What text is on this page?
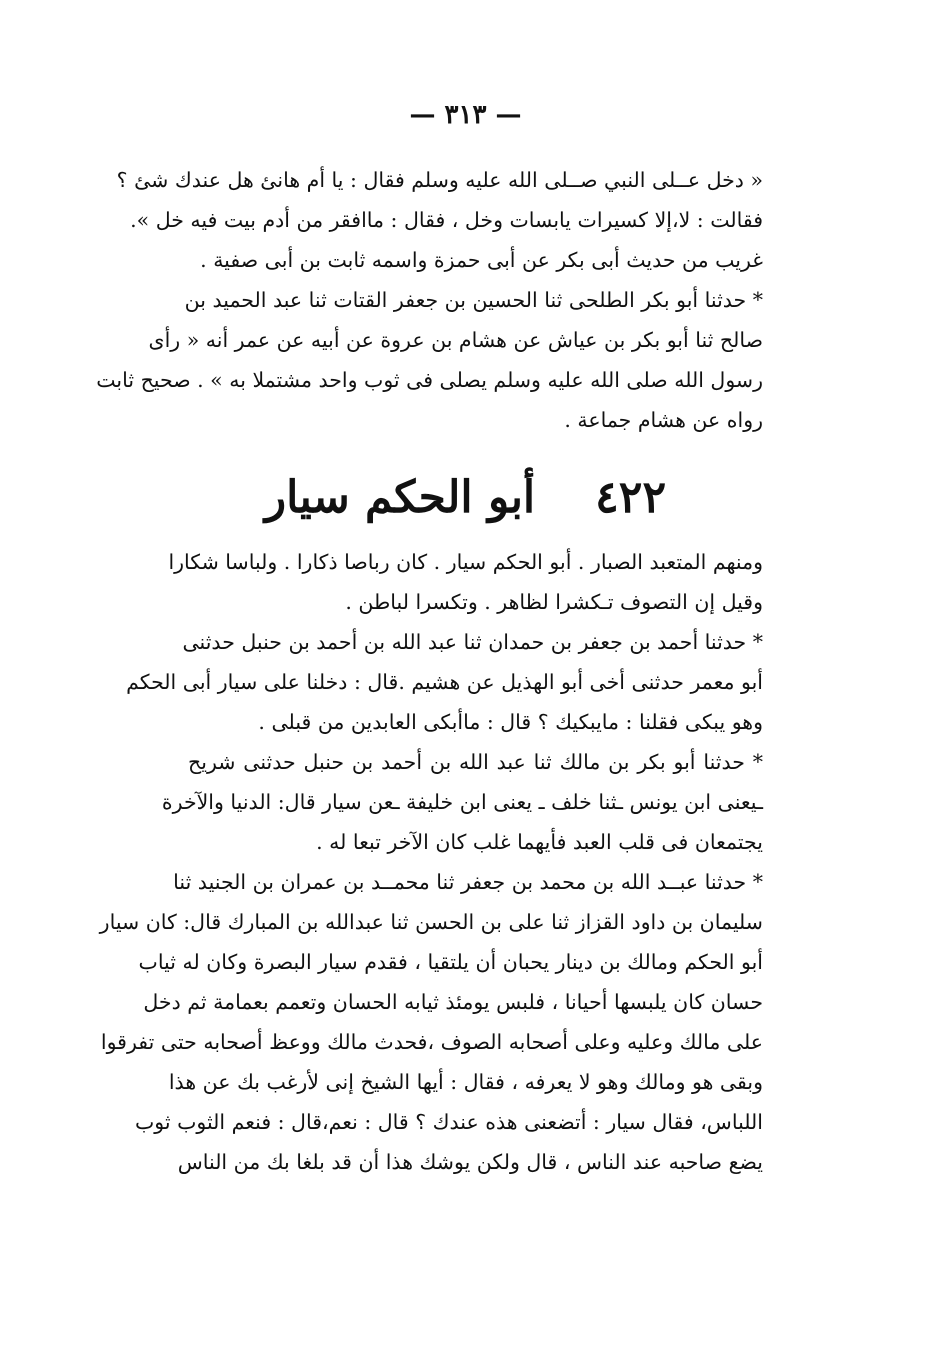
— ٣١٣ —
« دخل عــلى النبي صــلى الله عليه وسلم فقال : يا أم هانئ هل عندك شئ ؟
فقالت : لا،إلا كسيرات يابسات وخل ، فقال : ماافقر من أدم بيت فيه خل ».
غريب من حديث أبى بكر عن أبى حمزة واسمه ثابت بن أبى صفية .
* حدثنا أبو بكر الطلحى ثنا الحسين بن جعفر القتات ثنا عبد الحميد بن
صالح ثنا أبو بكر بن عياش عن هشام بن عروة عن أبيه عن عمر أنه « رأى
رسول الله صلى الله عليه وسلم يصلى فى ثوب واحد مشتملا به » . صحيح ثابت
رواه عن هشام جماعة .
٤٢٢أبو الحكم سيار
ومنهم المتعبد الصبار . أبو الحكم سيار . كان رباصا ذكارا . ولباسا شكارا
وقيل إن التصوف تـكشرا لظاهر . وتكسرا لباطن .
* حدثنا أحمد بن جعفر بن حمدان ثنا عبد الله بن أحمد بن حنبل حدثنى
أبو معمر حدثنى أخى أبو الهذيل عن هشيم .قال : دخلنا على سيار أبى الحكم
وهو يبكى فقلنا : مايبكيك ؟ قال : ماأبكى العابدين من قبلى .
* حدثنا أبو بكر بن مالك ثنا عبد الله بن أحمد بن حنبل حدثنى شريح
ـيعنى ابن يونس ـثنا خلف ـ يعنى ابن خليفة ـعن سيار قال: الدنيا والآخرة
يجتمعان فى قلب العبد فأيهما غلب كان الآخر تبعا له .
* حدثنا عبــد الله بن محمد بن جعفر ثنا محمــد بن عمران بن الجنيد ثنا
سليمان بن داود القزاز ثنا على بن الحسن ثنا عبدالله بن المبارك قال: كان سيار
أبو الحكم ومالك بن دينار يحبان أن يلتقيا ، فقدم سيار البصرة وكان له ثياب
حسان كان يلبسها أحيانا ، فلبس يومئذ ثيابه الحسان وتعمم بعمامة ثم دخل
على مالك وعليه وعلى أصحابه الصوف ،فحدث مالك ووعظ أصحابه حتى تفرقوا
وبقى هو ومالك وهو لا يعرفه ، فقال : أيها الشيخ إنى لأرغب بك عن هذا
اللباس، فقال سيار : أتضعنى هذه عندك ؟ قال : نعم،قال : فنعم الثوب ثوب
يضع صاحبه عند الناس ، قال ولكن يوشك هذا أن قد بلغا بك من الناس
